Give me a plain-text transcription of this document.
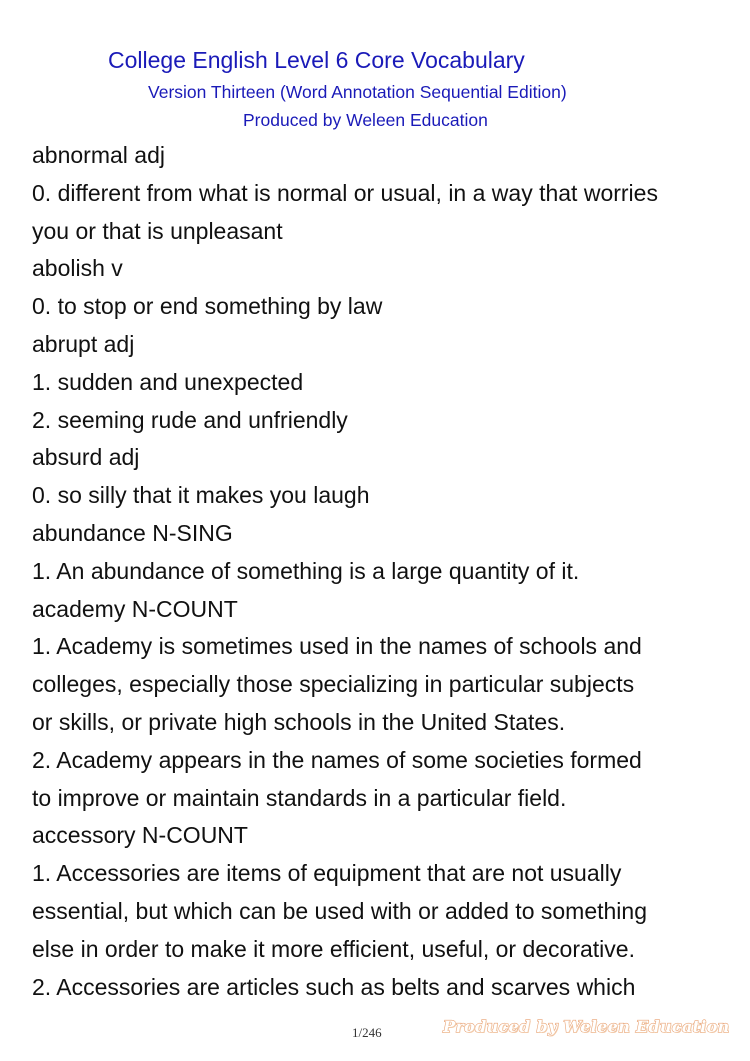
College English Level 6 Core Vocabulary
Version Thirteen (Word Annotation Sequential Edition)
Produced by Weleen Education
abnormal adj
0. different from what is normal or usual, in a way that worries
you or that is unpleasant
abolish v
0. to stop or end something by law
abrupt adj
1. sudden and unexpected
2. seeming rude and unfriendly
absurd adj
0. so silly that it makes you laugh
abundance N-SING
1. An abundance of something is a large quantity of it.
academy N-COUNT
1. Academy is sometimes used in the names of schools and
colleges, especially those specializing in particular subjects
or skills, or private high schools in the United States.
2. Academy appears in the names of some societies formed
to improve or maintain standards in a particular field.
accessory N-COUNT
1. Accessories are items of equipment that are not usually
essential, but which can be used with or added to something
else in order to make it more efficient, useful, or decorative.
2. Accessories are articles such as belts and scarves which
1/246	Produced by Weleen Education
